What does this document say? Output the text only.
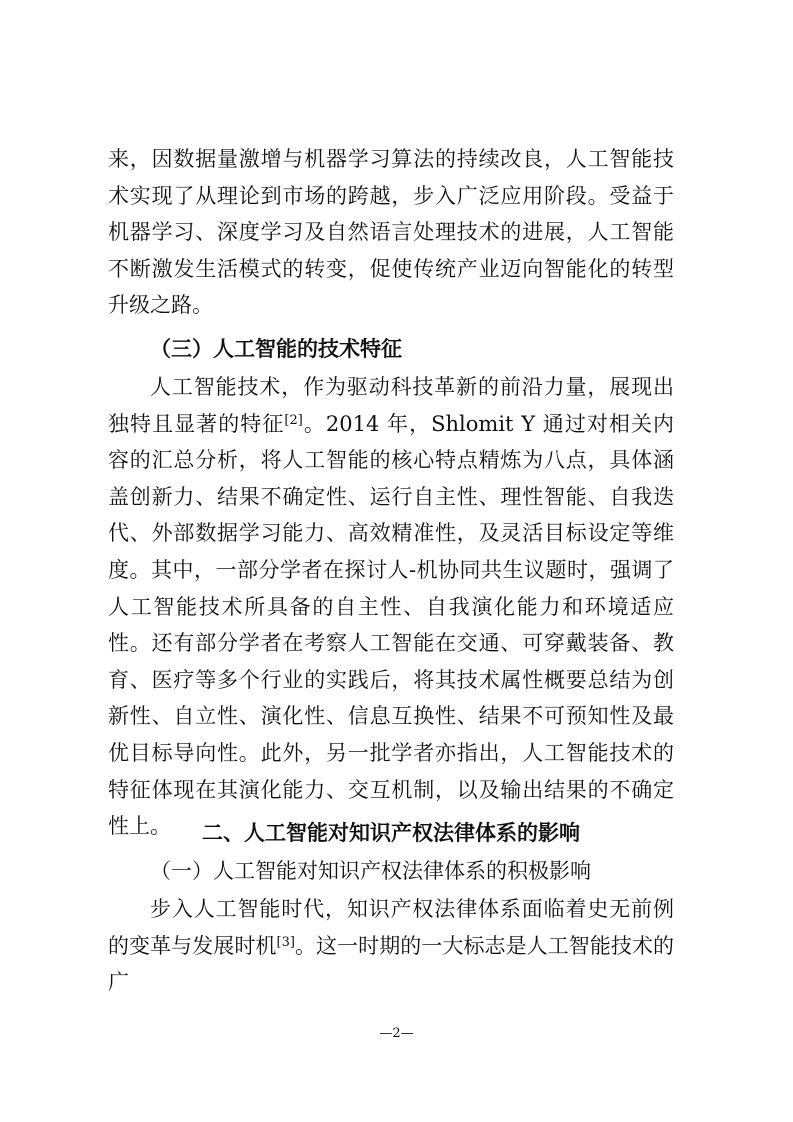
来，因数据量激增与机器学习算法的持续改良，人工智能技术实现了从理论到市场的跨越，步入广泛应用阶段。受益于机器学习、深度学习及自然语言处理技术的进展，人工智能不断激发生活模式的转变，促使传统产业迈向智能化的转型升级之路。

（三）人工智能的技术特征

人工智能技术，作为驱动科技革新的前沿力量，展现出独特且显著的特征[2]。2014 年，Shlomit Y 通过对相关内容的汇总分析，将人工智能的核心特点精炼为八点，具体涵盖创新力、结果不确定性、运行自主性、理性智能、自我迭代、外部数据学习能力、高效精准性，及灵活目标设定等维度。其中，一部分学者在探讨人-机协同共生议题时，强调了人工智能技术所具备的自主性、自我演化能力和环境适应性。还有部分学者在考察人工智能在交通、可穿戴装备、教育、医疗等多个行业的实践后，将其技术属性概要总结为创新性、自立性、演化性、信息互换性、结果不可预知性及最优目标导向性。此外，另一批学者亦指出，人工智能技术的特征体现在其演化能力、交互机制，以及输出结果的不确定性上。	二、人工智能对知识产权法律体系的影响

（一）人工智能对知识产权法律体系的积极影响

步入人工智能时代，知识产权法律体系面临着史无前例的变革与发展时机[3]。这一时期的一大标志是人工智能技术的广

—2—
